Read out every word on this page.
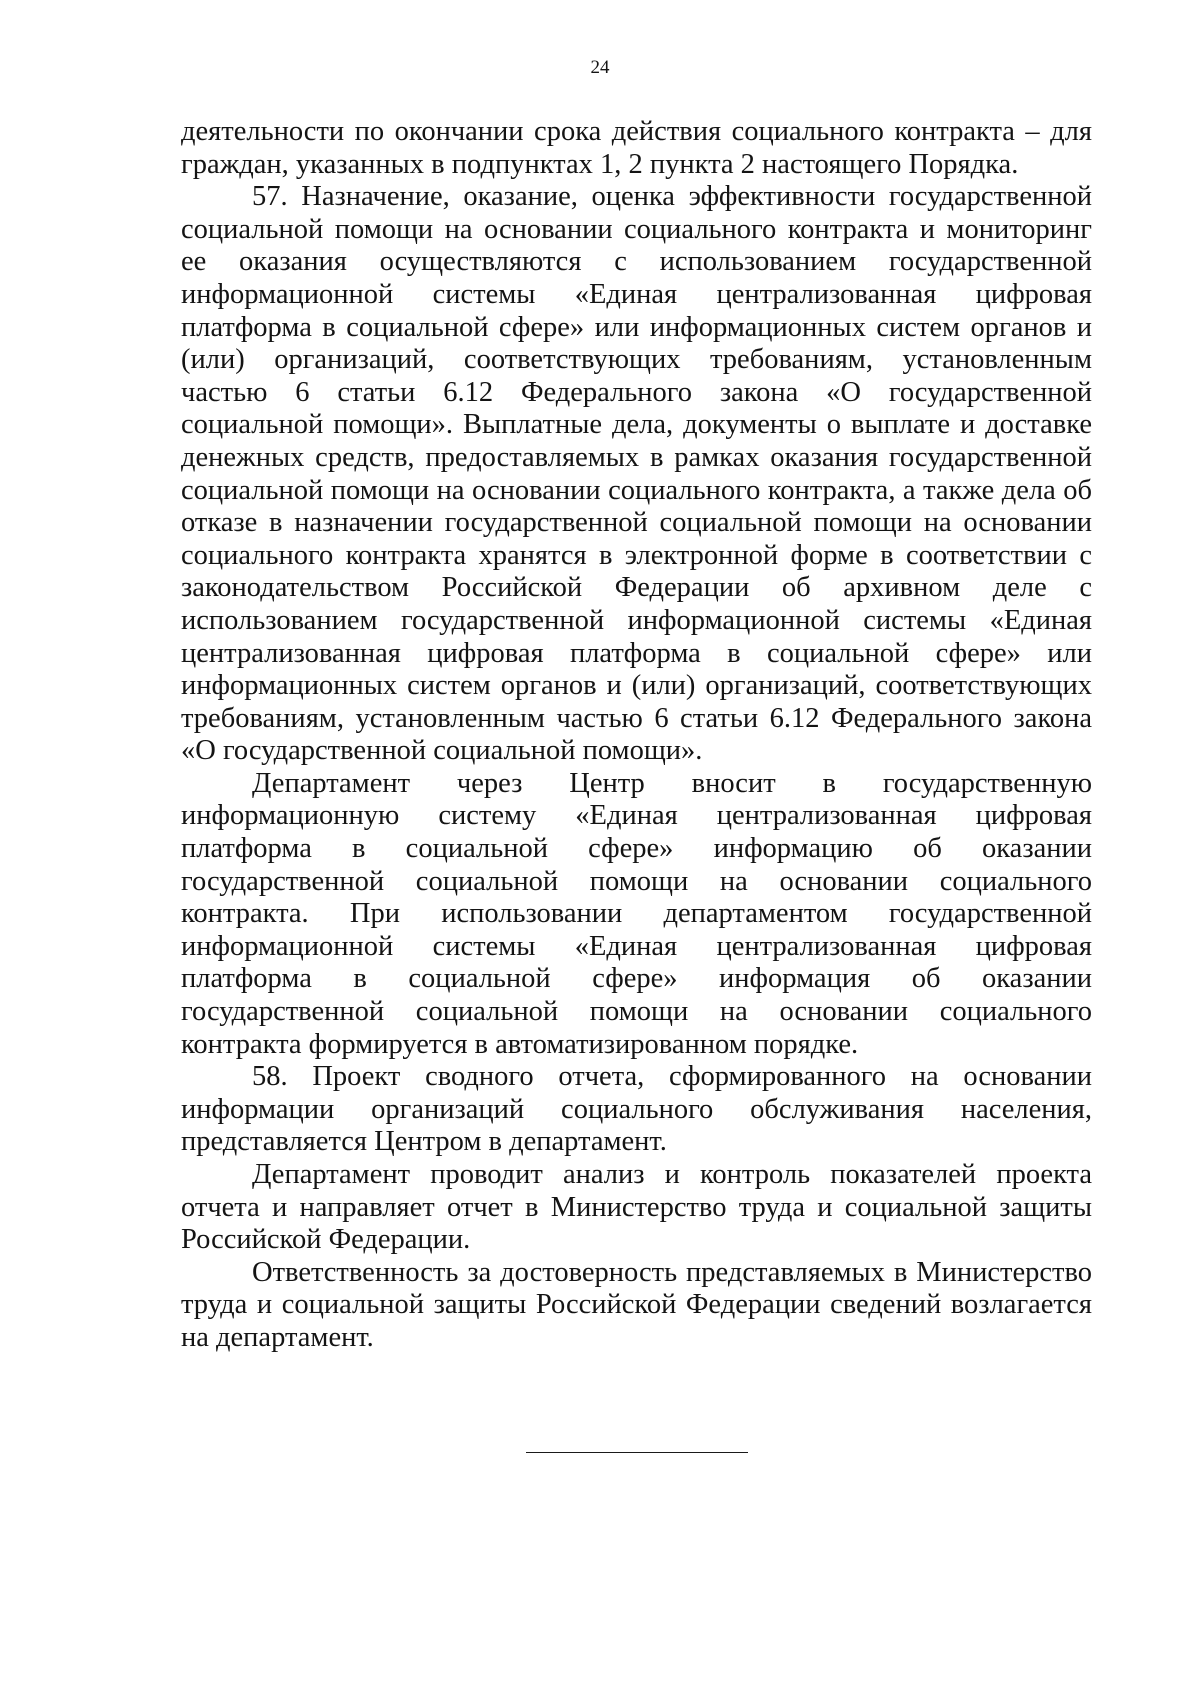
24

деятельности по окончании срока действия социального контракта – для граждан, указанных в подпунктах 1, 2 пункта 2 настоящего Порядка.

57. Назначение, оказание, оценка эффективности государственной социальной помощи на основании социального контракта и мониторинг ее оказания осуществляются с использованием государственной информационной системы «Единая централизованная цифровая платформа в социальной сфере» или информационных систем органов и (или) организаций, соответствующих требованиям, установленным частью 6 статьи 6.12 Федерального закона «О государственной социальной помощи». Выплатные дела, документы о выплате и доставке денежных средств, предоставляемых в рамках оказания государственной социальной помощи на основании социального контракта, а также дела об отказе в назначении государственной социальной помощи на основании социального контракта хранятся в электронной форме в соответствии с законодательством Российской Федерации об архивном деле с использованием государственной информационной системы «Единая централизованная цифровая платформа в социальной сфере» или информационных систем органов и (или) организаций, соответствующих требованиям, установленным частью 6 статьи 6.12 Федерального закона «О государственной социальной помощи».

Департамент через Центр вносит в государственную информационную систему «Единая централизованная цифровая платформа в социальной сфере» информацию об оказании государственной социальной помощи на основании социального контракта. При использовании департаментом государственной информационной системы «Единая централизованная цифровая платформа в социальной сфере» информация об оказании государственной социальной помощи на основании социального контракта формируется в автоматизированном порядке.

58. Проект сводного отчета, сформированного на основании информации организаций социального обслуживания населения, представляется Центром в департамент.

Департамент проводит анализ и контроль показателей проекта отчета и направляет отчет в Министерство труда и социальной защиты Российской Федерации.

Ответственность за достоверность представляемых в Министерство труда и социальной защиты Российской Федерации сведений возлагается на департамент.
